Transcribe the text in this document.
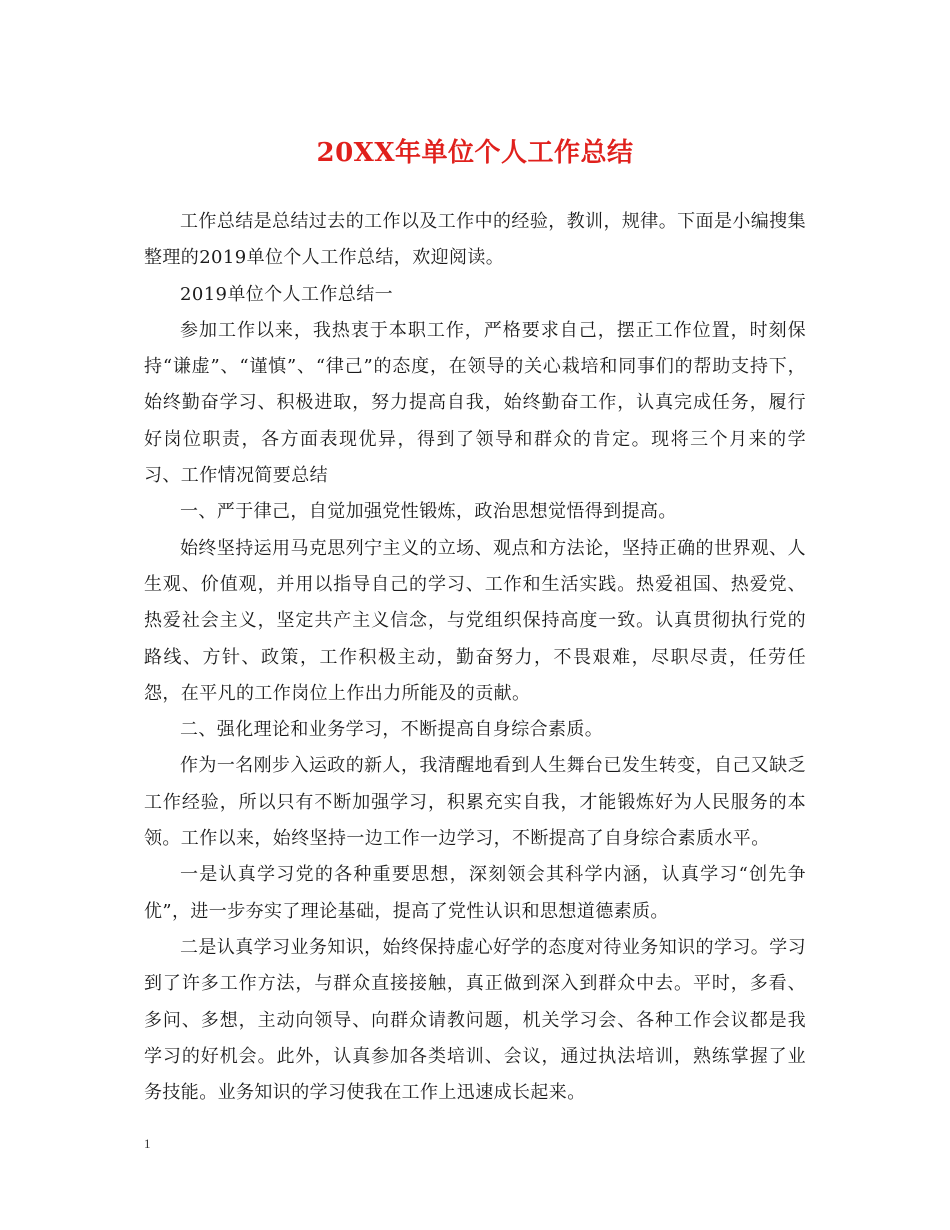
20XX年单位个人工作总结

工作总结是总结过去的工作以及工作中的经验，教训，规律。下面是小编搜集整理的2019单位个人工作总结，欢迎阅读。

2019单位个人工作总结一

参加工作以来，我热衷于本职工作，严格要求自己，摆正工作位置，时刻保持“谦虚”、“谨慎”、“律己”的态度，在领导的关心栽培和同事们的帮助支持下，始终勤奋学习、积极进取，努力提高自我，始终勤奋工作，认真完成任务，履行好岗位职责，各方面表现优异，得到了领导和群众的肯定。现将三个月来的学习、工作情况简要总结

一、严于律己，自觉加强党性锻炼，政治思想觉悟得到提高。

始终坚持运用马克思列宁主义的立场、观点和方法论，坚持正确的世界观、人生观、价值观，并用以指导自己的学习、工作和生活实践。热爱祖国、热爱党、热爱社会主义，坚定共产主义信念，与党组织保持高度一致。认真贯彻执行党的路线、方针、政策，工作积极主动，勤奋努力，不畏艰难，尽职尽责，任劳任怨，在平凡的工作岗位上作出力所能及的贡献。

二、强化理论和业务学习，不断提高自身综合素质。

作为一名刚步入运政的新人，我清醒地看到人生舞台已发生转变，自己又缺乏工作经验，所以只有不断加强学习，积累充实自我，才能锻炼好为人民服务的本领。工作以来，始终坚持一边工作一边学习，不断提高了自身综合素质水平。

一是认真学习党的各种重要思想，深刻领会其科学内涵，认真学习“创先争优”，进一步夯实了理论基础，提高了党性认识和思想道德素质。

二是认真学习业务知识，始终保持虚心好学的态度对待业务知识的学习。学习到了许多工作方法，与群众直接接触，真正做到深入到群众中去。平时，多看、多问、多想，主动向领导、向群众请教问题，机关学习会、各种工作会议都是我学习的好机会。此外，认真参加各类培训、会议，通过执法培训，熟练掌握了业务技能。业务知识的学习使我在工作上迅速成长起来。

1
